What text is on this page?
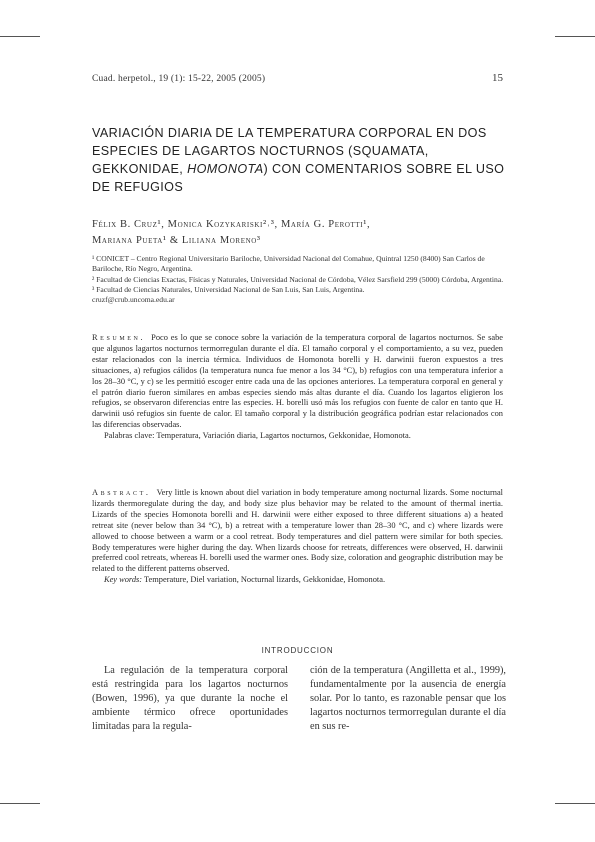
Cuad. herpetol., 19 (1): 15-22, 2005 (2005)	15
VARIACIÓN DIARIA DE LA TEMPERATURA CORPORAL EN DOS ESPECIES DE LAGARTOS NOCTURNOS (SQUAMATA, GEKKONIDAE, HOMONOTA) CON COMENTARIOS SOBRE EL USO DE REFUGIOS
Félix B. Cruz¹, Monica Kozykariski²˒³, María G. Perotti¹,
Mariana Pueta¹ & Liliana Moreno³
¹ CONICET – Centro Regional Universitario Bariloche, Universidad Nacional del Comahue, Quintral 1250 (8400) San Carlos de Bariloche, Río Negro, Argentina.
² Facultad de Ciencias Exactas, Físicas y Naturales, Universidad Nacional de Córdoba, Vélez Sarsfield 299 (5000) Córdoba, Argentina.
³ Facultad de Ciencias Naturales, Universidad Nacional de San Luis, San Luis, Argentina.
cruzf@crub.uncoma.edu.ar

Resumen. Poco es lo que se conoce sobre la variación de la temperatura corporal de lagartos nocturnos. Se sabe que algunos lagartos nocturnos termorregulan durante el día. El tamaño corporal y el comportamiento, a su vez, pueden estar relacionados con la inercia térmica. Individuos de Homonota borelli y H. darwinii fueron expuestos a tres situaciones, a) refugios cálidos (la temperatura nunca fue menor a los 34 °C), b) refugios con una temperatura inferior a los 28–30 °C, y c) se les permitió escoger entre cada una de las opciones anteriores. La temperatura corporal en general y el patrón diario fueron similares en ambas especies siendo más altas durante el día. Cuando los lagartos eligieron los refugios, se observaron diferencias entre las especies. H. borelli usó más los refugios con fuente de calor en tanto que H. darwinii usó refugios sin fuente de calor. El tamaño corporal y la distribución geográfica podrían estar relacionados con las diferencias observadas.

Palabras clave: Temperatura, Variación diaria, Lagartos nocturnos, Gekkonidae, Homonota.

Abstract. Very little is known about diel variation in body temperature among nocturnal lizards. Some nocturnal lizards thermoregulate during the day, and body size plus behavior may be related to the amount of thermal inertia. Lizards of the species Homonota borelli and H. darwinii were either exposed to three different situations a) a heated retreat site (never below than 34 °C), b) a retreat with a temperature lower than 28–30 °C, and c) where lizards were allowed to choose between a warm or a cool retreat. Body temperatures and diel pattern were similar for both species. Body temperatures were higher during the day. When lizards choose for retreats, differences were observed, H. darwinii preferred cool retreats, whereas H. borelli used the warmer ones. Body size, coloration and geographic distribution may be related to the different patterns observed.

Key words: Temperature, Diel variation, Nocturnal lizards, Gekkonidae, Homonota.

INTRODUCCION

La regulación de la temperatura corporal está restringida para los lagartos nocturnos (Bowen, 1996), ya que durante la noche el ambiente térmico ofrece oportunidades limitadas para la regula-

ción de la temperatura (Angilletta et al., 1999), fundamentalmente por la ausencia de energía solar. Por lo tanto, es razonable pensar que los lagartos nocturnos termorregulan durante el día en sus re-
